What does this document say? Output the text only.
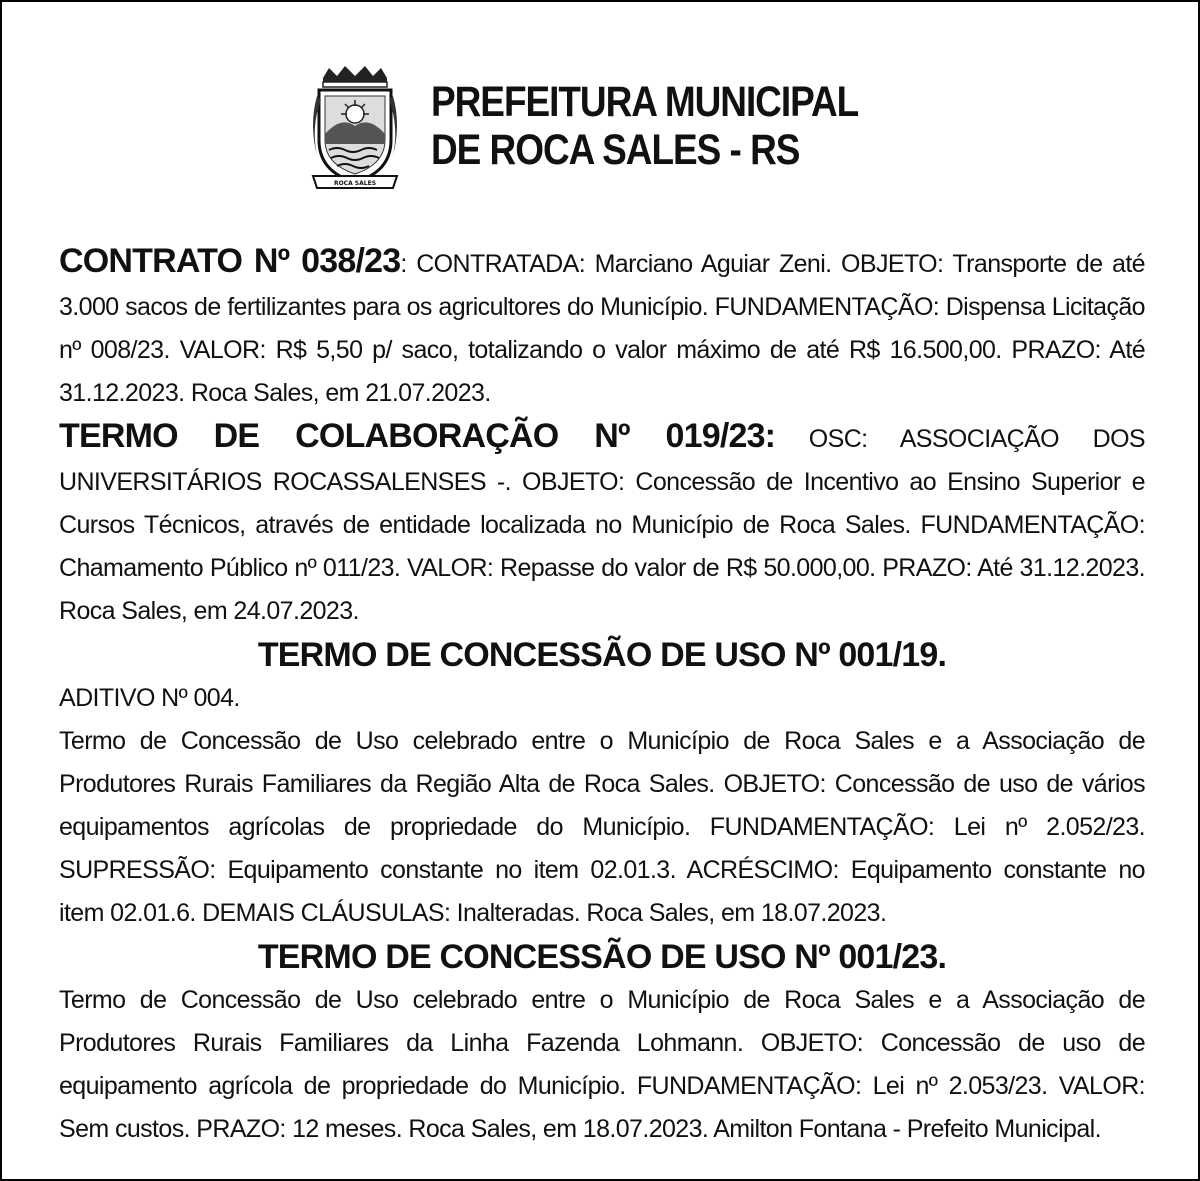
ROCA SALES
PREFEITURA MUNICIPAL
DE ROCA SALES - RS

CONTRATO Nº 038/23: CONTRATADA: Marciano Aguiar Zeni. OBJETO: Transporte de até 3.000 sacos de fertilizantes para os agricultores do Município. FUNDAMENTAÇÃO: Dispensa Licitação nº 008/23. VALOR: R$ 5,50 p/ saco, totalizando o valor máximo de até R$ 16.500,00. PRAZO: Até 31.12.2023. Roca Sales, em 21.07.2023.

TERMO DE COLABORAÇÃO Nº 019/23: OSC: ASSOCIAÇÃO DOS UNIVERSITÁRIOS ROCASSALENSES -. OBJETO: Concessão de Incentivo ao Ensino Superior e Cursos Técnicos, através de entidade localizada no Município de Roca Sales. FUNDAMENTAÇÃO: Chamamento Público nº 011/23. VALOR: Repasse do valor de R$ 50.000,00. PRAZO: Até 31.12.2023. Roca Sales, em 24.07.2023.

TERMO DE CONCESSÃO DE USO Nº 001/19.

ADITIVO Nº 004.

Termo de Concessão de Uso celebrado entre o Município de Roca Sales e a Associação de Produtores Rurais Familiares da Região Alta de Roca Sales. OBJETO: Concessão de uso de vários equipamentos agrícolas de propriedade do Município. FUNDAMENTAÇÃO: Lei nº 2.052/23. SUPRESSÃO: Equipamento constante no item 02.01.3. ACRÉSCIMO: Equipamento constante no item 02.01.6. DEMAIS CLÁUSULAS: Inalteradas. Roca Sales, em 18.07.2023.

TERMO DE CONCESSÃO DE USO Nº 001/23.

Termo de Concessão de Uso celebrado entre o Município de Roca Sales e a Associação de Produtores Rurais Familiares da Linha Fazenda Lohmann. OBJETO: Concessão de uso de equipamento agrícola de propriedade do Município. FUNDAMENTAÇÃO: Lei nº 2.053/23. VALOR: Sem custos. PRAZO: 12 meses. Roca Sales, em 18.07.2023. Amilton Fontana - Prefeito Municipal.
